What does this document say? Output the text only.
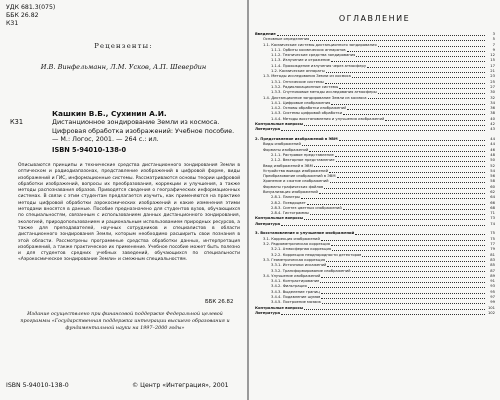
УДК 681.3(075)
ББК 26.82
К31
Рецензенты:
И.В. Винфельманн, Л.М. Усков, А.П. Шевердин
К31
Кашкин В.Б., Сухинин А.И.
Дистанционное зондирование Земли из космоса. Цифровая обработка изображений: Учебное пособие. — М.: Логос, 2001. — 264 с.: ил.
ISBN 5-94010-138-0
Описываются принципы и технические средства дистанционного зондирования Земли в оптическом и радиодиапазонах, представление изображений в цифровой форме, виды изображений и ГИС, информационные системы. Рассматриваются основы теории цифровой обработки изображений, вопросы их преобразования, коррекции и улучшения, а также методы распознавания образов. Приводятся сведения о географических информационных системах. В связи с этим студентам предлагается изучить, как применяются на практике методы цифровой обработки аэрокосмических изображений и какие изменения этими методами вносятся в данные. Пособие предназначено для студентов вузов, обучающихся по специальностям, связанным с использованием данных дистанционного зондирования, экологией, природопользованием и рациональным использованием природных ресурсов, а также для преподавателей, научных сотрудников и специалистов в области дистанционного зондирования Земли, которым необходимо расширить свои познания в этой области. Рассмотрены программные средства обработки данных, интерпретация изображений, а также практическое их применение. Учебное пособие может быть полезно и для студентов средних учебных заведений, обучающихся по специальности «Аэрокосмическое зондирование Земли» и смежным специальностям.
ББК 26.82
Издание осуществлено при финансовой поддержке Федеральной целевой программы «Государственная поддержка интеграции высшего образования и фундаментальной науки на 1997–2000 годы»
ISBN 5-94010-138-0	© Центр «Интеграция», 2001
ОГЛАВЛЕНИЕ
Введение	3
Основные определения	5
1.1. Космические системы дистанционного зондирования	7
1.1.1. Орбиты космических аппаратов	9
1.1.2. Технические средства зондирования	12
1.1.3. Излучение и отражение	15
1.1.4. Прохождение излучения через атмосферу	17
1.2. Космические аппараты	21
1.3. Методы исследования Земли из космоса	23
1.3.1. Оптические системы	25
1.3.2. Радиолокационные системы	27
1.3.3. Спутниковые методы исследования атмосферы	30
1.4. Дистанционное зондирование Земли из космоса	32
1.4.1. Цифровые изображения	34
1.4.2. Основы обработки изображений	36
1.4.3. Системы цифровой обработки	38
1.4.4. Методы восстановления и улучшения изображений	40
Контрольные вопросы	42
Литература	43
2. Представление изображений в ЭВМ	44
Виды изображений	44
Форматы изображений	46
2.1.1. Растровое представление	48
2.1.2. Векторное представление	50
Ввод изображений в ЭВМ	52
Устройства вывода изображений	54
Преобразование изображений в ЭВМ	56
Хранение и сжатие изображений	58
Форматы графических файлов	60
Визуализация изображений	62
2.8.1. Палитры	64
2.8.2. Псевдоцвет	66
2.8.3. Синтез цветных изображений	68
2.8.4. Гистограммы	71
Контрольные вопросы	73
Литература	74
3. Восстановление и улучшение изображений	75
3.1. Коррекция изображений	75
3.2. Радиометрическая коррекция	77
3.2.1. Атмосферная коррекция	79
3.2.2. Коррекция неоднородности детекторов	81
3.3. Геометрическая коррекция	83
3.3.1. Источники искажений	85
3.3.2. Трансформирование изображений	87
3.4. Улучшение изображений	89
3.4.1. Контрастирование	91
3.4.2. Фильтрация	93
3.4.3. Выделение границ	95
3.4.4. Подавление шумов	97
3.4.5. Построение мозаик	99
Контрольные вопросы	101
Литература	102
